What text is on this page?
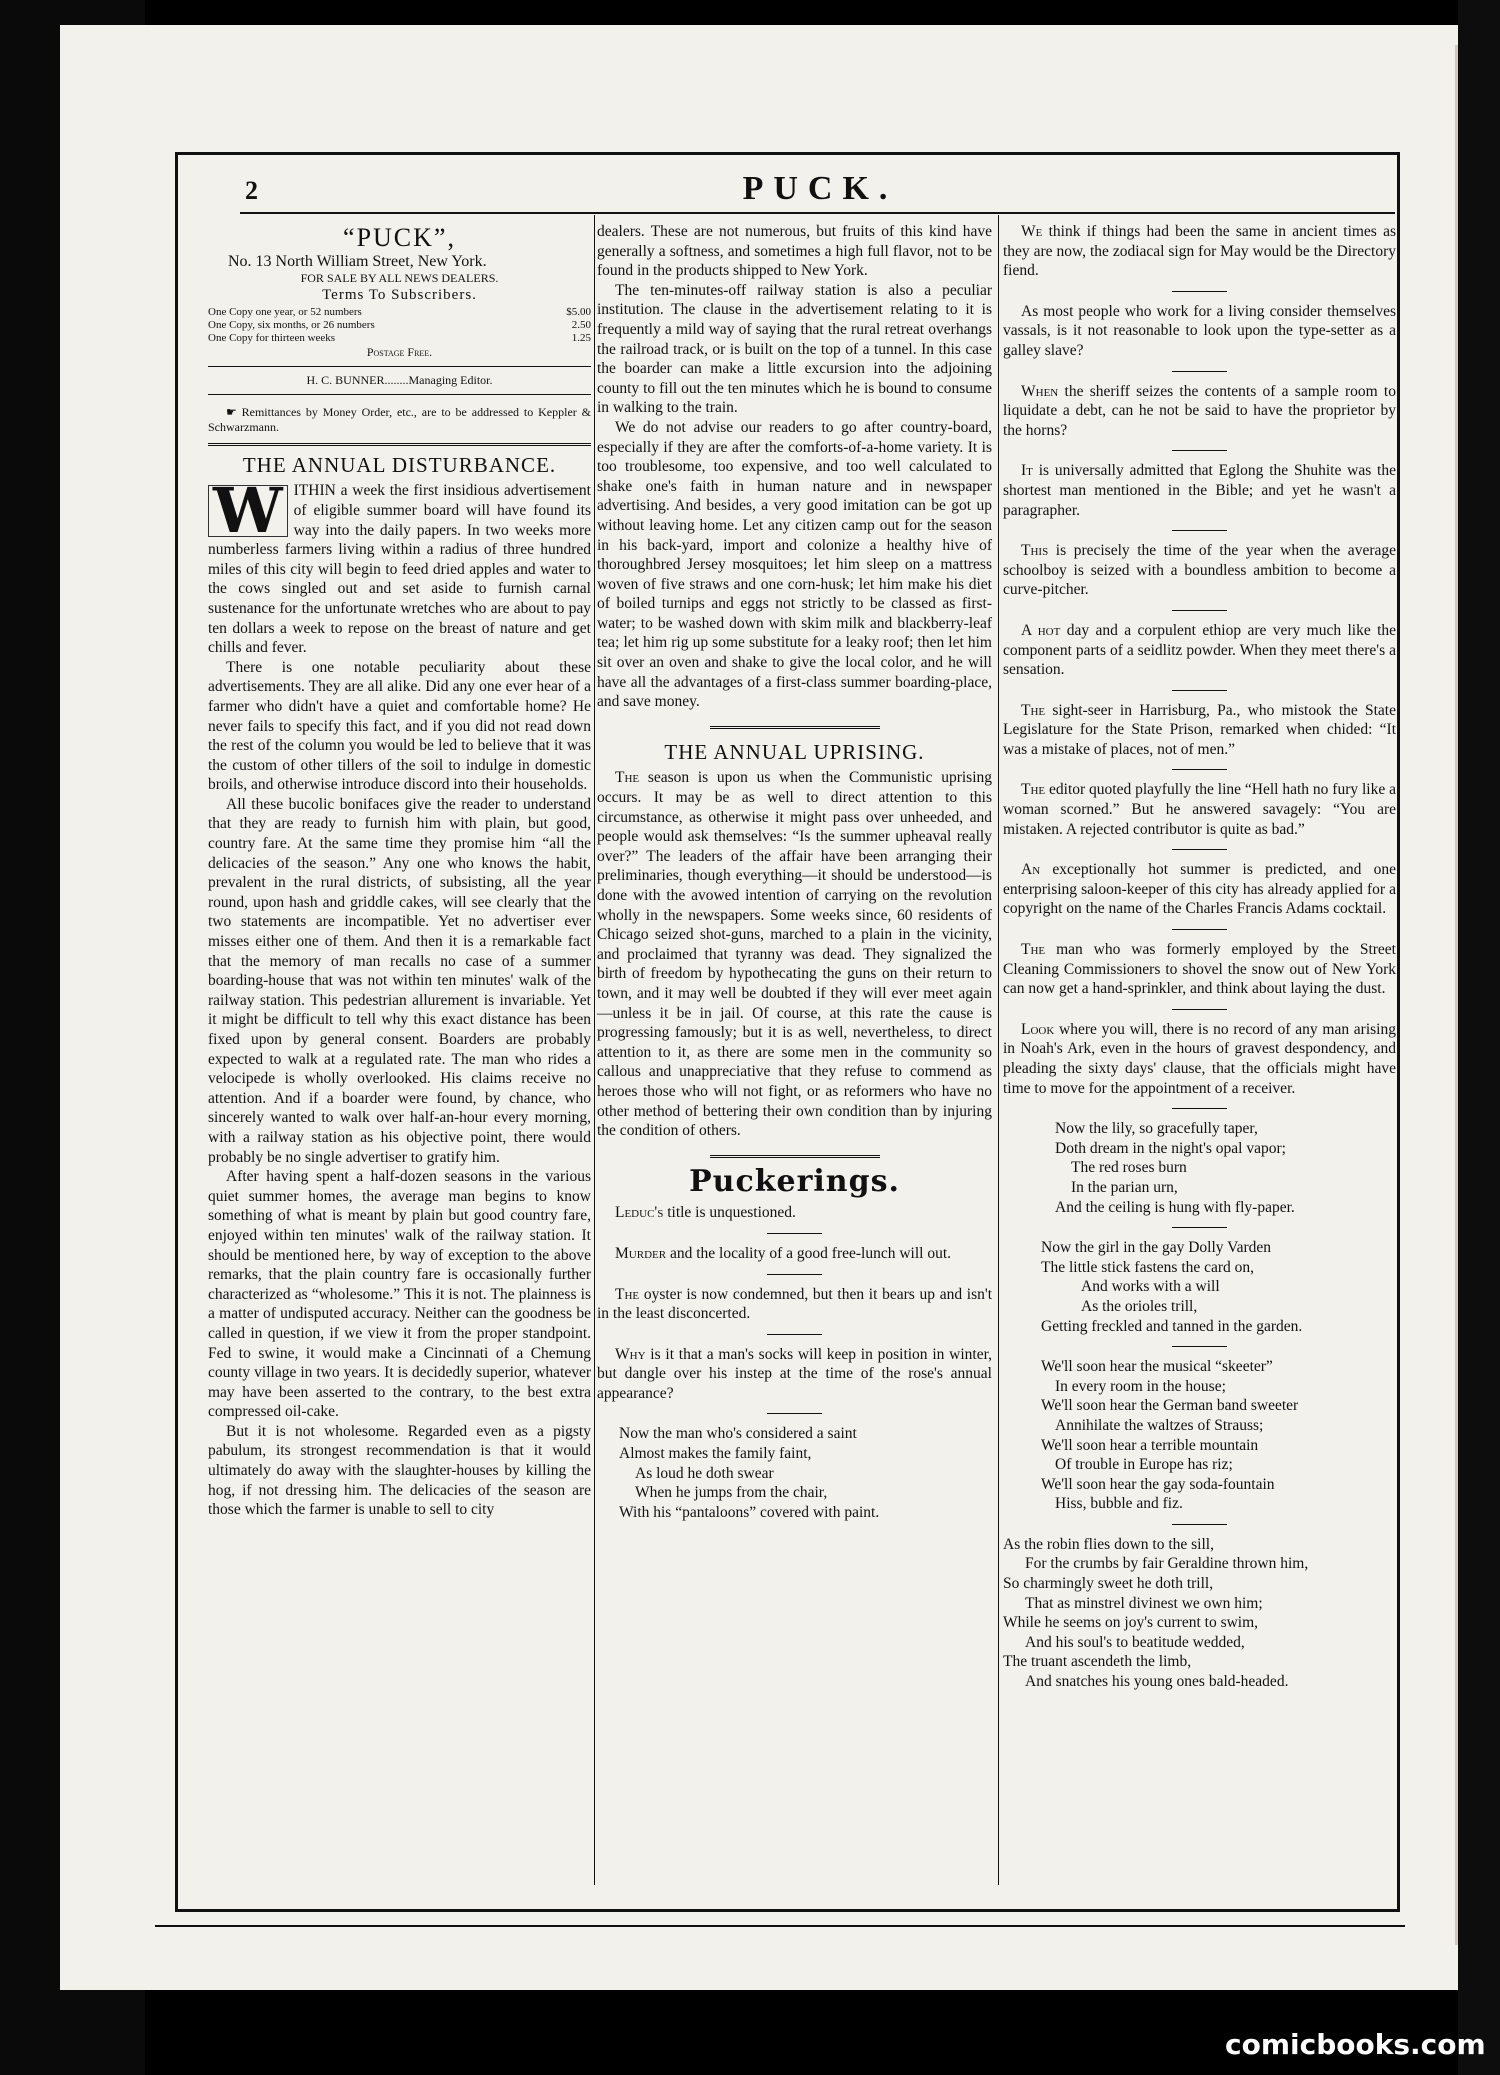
2	PUCK.
“PUCK”,
No. 13 North William Street, New York.
FOR SALE BY ALL NEWS DEALERS.
Terms To Subscribers.
One Copy one year, or 52 numbers	$5.00
One Copy, six months, or 26 numbers	2.50
One Copy for thirteen weeks	1.25
Postage Free.
H. C. BUNNER........Managing Editor.

☛ Remittances by Money Order, etc., are to be addressed to Keppler & Schwarzmann.

THE ANNUAL DISTURBANCE.

W ITHIN a week the first insidious advertisement of eligible summer board will have found its way into the daily papers. In two weeks more numberless farmers living within a radius of three hundred miles of this city will begin to feed dried apples and water to the cows singled out and set aside to furnish carnal sustenance for the unfortunate wretches who are about to pay ten dollars a week to repose on the breast of nature and get chills and fever.

There is one notable peculiarity about these advertisements. They are all alike. Did any one ever hear of a farmer who didn't have a quiet and comfortable home? He never fails to specify this fact, and if you did not read down the rest of the column you would be led to believe that it was the custom of other tillers of the soil to indulge in domestic broils, and otherwise introduce discord into their households.

All these bucolic bonifaces give the reader to understand that they are ready to furnish him with plain, but good, country fare. At the same time they promise him “all the delicacies of the season.” Any one who knows the habit, prevalent in the rural districts, of subsisting, all the year round, upon hash and griddle cakes, will see clearly that the two statements are incompatible. Yet no advertiser ever misses either one of them. And then it is a remarkable fact that the memory of man recalls no case of a summer boarding-house that was not within ten minutes' walk of the railway station. This pedestrian allurement is invariable. Yet it might be difficult to tell why this exact distance has been fixed upon by general consent. Boarders are probably expected to walk at a regulated rate. The man who rides a velocipede is wholly overlooked. His claims receive no attention. And if a boarder were found, by chance, who sincerely wanted to walk over half-an-hour every morning, with a railway station as his objective point, there would probably be no single advertiser to gratify him.

After having spent a half-dozen seasons in the various quiet summer homes, the average man begins to know something of what is meant by plain but good country fare, enjoyed within ten minutes' walk of the railway station. It should be mentioned here, by way of exception to the above remarks, that the plain country fare is occasionally further characterized as “wholesome.” This it is not. The plainness is a matter of undisputed accuracy. Neither can the goodness be called in question, if we view it from the proper standpoint. Fed to swine, it would make a Cincinnati of a Chemung county village in two years. It is decidedly superior, whatever may have been asserted to the contrary, to the best extra compressed oil-cake.

But it is not wholesome. Regarded even as a pigsty pabulum, its strongest recommendation is that it would ultimately do away with the slaughter-houses by killing the hog, if not dressing him. The delicacies of the season are those which the farmer is unable to sell to city

dealers. These are not numerous, but fruits of this kind have generally a softness, and sometimes a high full flavor, not to be found in the products shipped to New York.

The ten-minutes-off railway station is also a peculiar institution. The clause in the advertisement relating to it is frequently a mild way of saying that the rural retreat overhangs the railroad track, or is built on the top of a tunnel. In this case the boarder can make a little excursion into the adjoining county to fill out the ten minutes which he is bound to consume in walking to the train.

We do not advise our readers to go after country-board, especially if they are after the comforts-of-a-home variety. It is too troublesome, too expensive, and too well calculated to shake one's faith in human nature and in newspaper advertising. And besides, a very good imitation can be got up without leaving home. Let any citizen camp out for the season in his back-yard, import and colonize a healthy hive of thoroughbred Jersey mosquitoes; let him sleep on a mattress woven of five straws and one corn-husk; let him make his diet of boiled turnips and eggs not strictly to be classed as first-water; to be washed down with skim milk and blackberry-leaf tea; let him rig up some substitute for a leaky roof; then let him sit over an oven and shake to give the local color, and he will have all the advantages of a first-class summer boarding-place, and save money.

THE ANNUAL UPRISING.

The season is upon us when the Communistic uprising occurs. It may be as well to direct attention to this circumstance, as otherwise it might pass over unheeded, and people would ask themselves: “Is the summer upheaval really over?” The leaders of the affair have been arranging their preliminaries, though everything—it should be understood—is done with the avowed intention of carrying on the revolution wholly in the newspapers. Some weeks since, 60 residents of Chicago seized shot-guns, marched to a plain in the vicinity, and proclaimed that tyranny was dead. They signalized the birth of freedom by hypothecating the guns on their return to town, and it may well be doubted if they will ever meet again—unless it be in jail. Of course, at this rate the cause is progressing famously; but it is as well, nevertheless, to direct attention to it, as there are some men in the community so callous and unappreciative that they refuse to commend as heroes those who will not fight, or as reformers who have no other method of bettering their own condition than by injuring the condition of others.

Puckerings.

Leduc's title is unquestioned.

Murder and the locality of a good free-lunch will out.

The oyster is now condemned, but then it bears up and isn't in the least disconcerted.

Why is it that a man's socks will keep in position in winter, but dangle over his instep at the time of the rose's annual appearance?

Now the man who's considered a saint
Almost makes the family faint,
As loud he doth swear
When he jumps from the chair,
With his “pantaloons” covered with paint.

We think if things had been the same in ancient times as they are now, the zodiacal sign for May would be the Directory fiend.

As most people who work for a living consider themselves vassals, is it not reasonable to look upon the type-setter as a galley slave?

When the sheriff seizes the contents of a sample room to liquidate a debt, can he not be said to have the proprietor by the horns?

It is universally admitted that Eglong the Shuhite was the shortest man mentioned in the Bible; and yet he wasn't a paragrapher.

This is precisely the time of the year when the average schoolboy is seized with a boundless ambition to become a curve-pitcher.

A hot day and a corpulent ethiop are very much like the component parts of a seidlitz powder. When they meet there's a sensation.

The sight-seer in Harrisburg, Pa., who mistook the State Legislature for the State Prison, remarked when chided: “It was a mistake of places, not of men.”

The editor quoted playfully the line “Hell hath no fury like a woman scorned.” But he answered savagely: “You are mistaken. A rejected contributor is quite as bad.”

An exceptionally hot summer is predicted, and one enterprising saloon-keeper of this city has already applied for a copyright on the name of the Charles Francis Adams cocktail.

The man who was formerly employed by the Street Cleaning Commissioners to shovel the snow out of New York can now get a hand-sprinkler, and think about laying the dust.

Look where you will, there is no record of any man arising in Noah's Ark, even in the hours of gravest despondency, and pleading the sixty days' clause, that the officials might have time to move for the appointment of a receiver.

Now the lily, so gracefully taper,
Doth dream in the night's opal vapor;
The red roses burn
In the parian urn,
And the ceiling is hung with fly-paper.
Now the girl in the gay Dolly Varden
The little stick fastens the card on,
And works with a will
As the orioles trill,
Getting freckled and tanned in the garden.
We'll soon hear the musical “skeeter”
In every room in the house;
We'll soon hear the German band sweeter
Annihilate the waltzes of Strauss;
We'll soon hear a terrible mountain
Of trouble in Europe has riz;
We'll soon hear the gay soda-fountain
Hiss, bubble and fiz.
As the robin flies down to the sill,
For the crumbs by fair Geraldine thrown him,
So charmingly sweet he doth trill,
That as minstrel divinest we own him;
While he seems on joy's current to swim,
And his soul's to beatitude wedded,
The truant ascendeth the limb,
And snatches his young ones bald-headed.
comicbooks.com
